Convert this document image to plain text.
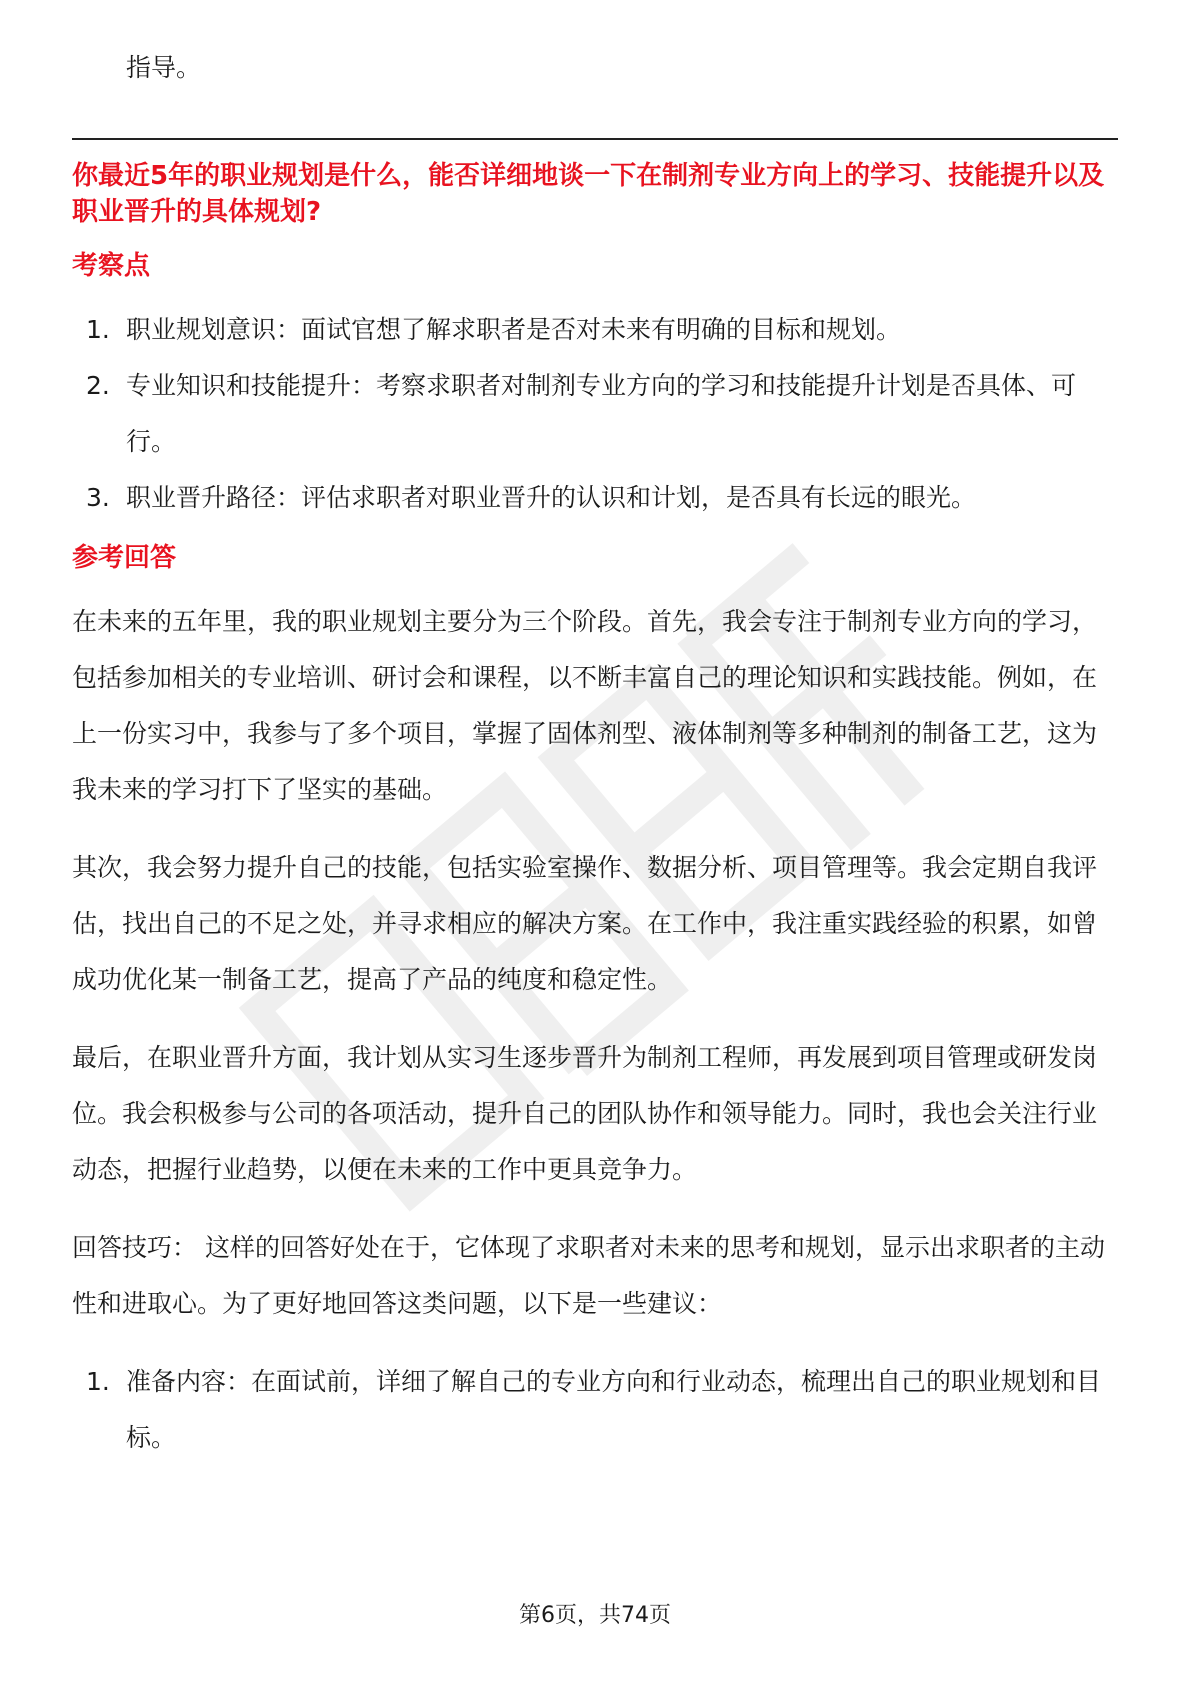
指导。

你最近5年的职业规划是什么，能否详细地谈一下在制剂专业方向上的学习、技能提升以及职业晋升的具体规划?

考察点
1. 职业规划意识：面试官想了解求职者是否对未来有明确的目标和规划。
2. 专业知识和技能提升：考察求职者对制剂专业方向的学习和技能提升计划是否具体、可行。
3. 职业晋升路径：评估求职者对职业晋升的认识和计划，是否具有长远的眼光。
参考回答

在未来的五年里，我的职业规划主要分为三个阶段。首先，我会专注于制剂专业方向的学习，包括参加相关的专业培训、研讨会和课程，以不断丰富自己的理论知识和实践技能。例如，在上一份实习中，我参与了多个项目，掌握了固体剂型、液体制剂等多种制剂的制备工艺，这为我未来的学习打下了坚实的基础。

其次，我会努力提升自己的技能，包括实验室操作、数据分析、项目管理等。我会定期自我评估，找出自己的不足之处，并寻求相应的解决方案。在工作中，我注重实践经验的积累，如曾成功优化某一制备工艺，提高了产品的纯度和稳定性。

最后，在职业晋升方面，我计划从实习生逐步晋升为制剂工程师，再发展到项目管理或研发岗位。我会积极参与公司的各项活动，提升自己的团队协作和领导能力。同时，我也会关注行业动态，把握行业趋势，以便在未来的工作中更具竞争力。

回答技巧： 这样的回答好处在于，它体现了求职者对未来的思考和规划，显示出求职者的主动性和进取心。为了更好地回答这类问题，以下是一些建议：

1. 准备内容：在面试前，详细了解自己的专业方向和行业动态，梳理出自己的职业规划和目标。
第6页，共74页
